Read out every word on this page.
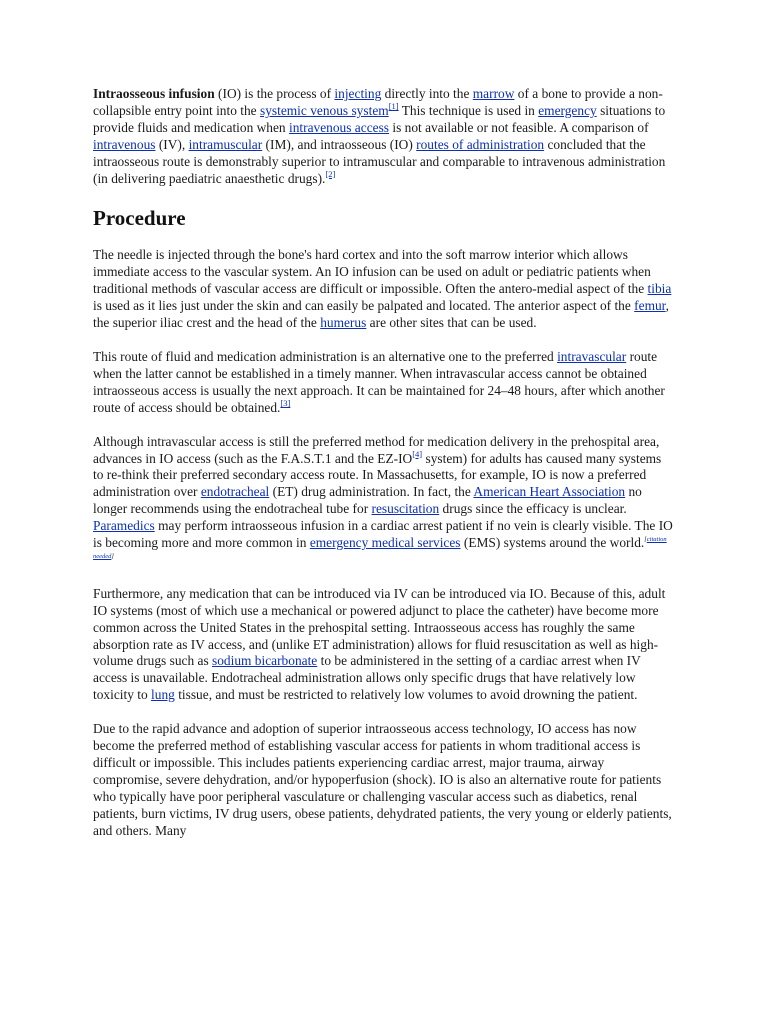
Intraosseous infusion (IO) is the process of injecting directly into the marrow of a bone to provide a non-collapsible entry point into the systemic venous system[1] This technique is used in emergency situations to provide fluids and medication when intravenous access is not available or not feasible. A comparison of intravenous (IV), intramuscular (IM), and intraosseous (IO) routes of administration concluded that the intraosseous route is demonstrably superior to intramuscular and comparable to intravenous administration (in delivering paediatric anaesthetic drugs).[2]

Procedure

The needle is injected through the bone's hard cortex and into the soft marrow interior which allows immediate access to the vascular system. An IO infusion can be used on adult or pediatric patients when traditional methods of vascular access are difficult or impossible. Often the antero-medial aspect of the tibia is used as it lies just under the skin and can easily be palpated and located. The anterior aspect of the femur, the superior iliac crest and the head of the humerus are other sites that can be used.

This route of fluid and medication administration is an alternative one to the preferred intravascular route when the latter cannot be established in a timely manner. When intravascular access cannot be obtained intraosseous access is usually the next approach. It can be maintained for 24–48 hours, after which another route of access should be obtained.[3]

Although intravascular access is still the preferred method for medication delivery in the prehospital area, advances in IO access (such as the F.A.S.T.1 and the EZ-IO[4] system) for adults has caused many systems to re-think their preferred secondary access route. In Massachusetts, for example, IO is now a preferred administration over endotracheal (ET) drug administration. In fact, the American Heart Association no longer recommends using the endotracheal tube for resuscitation drugs since the efficacy is unclear. Paramedics may perform intraosseous infusion in a cardiac arrest patient if no vein is clearly visible. The IO is becoming more and more common in emergency medical services (EMS) systems around the world.[citation needed]

Furthermore, any medication that can be introduced via IV can be introduced via IO. Because of this, adult IO systems (most of which use a mechanical or powered adjunct to place the catheter) have become more common across the United States in the prehospital setting. Intraosseous access has roughly the same absorption rate as IV access, and (unlike ET administration) allows for fluid resuscitation as well as high-volume drugs such as sodium bicarbonate to be administered in the setting of a cardiac arrest when IV access is unavailable. Endotracheal administration allows only specific drugs that have relatively low toxicity to lung tissue, and must be restricted to relatively low volumes to avoid drowning the patient.

Due to the rapid advance and adoption of superior intraosseous access technology, IO access has now become the preferred method of establishing vascular access for patients in whom traditional access is difficult or impossible. This includes patients experiencing cardiac arrest, major trauma, airway compromise, severe dehydration, and/or hypoperfusion (shock). IO is also an alternative route for patients who typically have poor peripheral vasculature or challenging vascular access such as diabetics, renal patients, burn victims, IV drug users, obese patients, dehydrated patients, the very young or elderly patients, and others. Many
